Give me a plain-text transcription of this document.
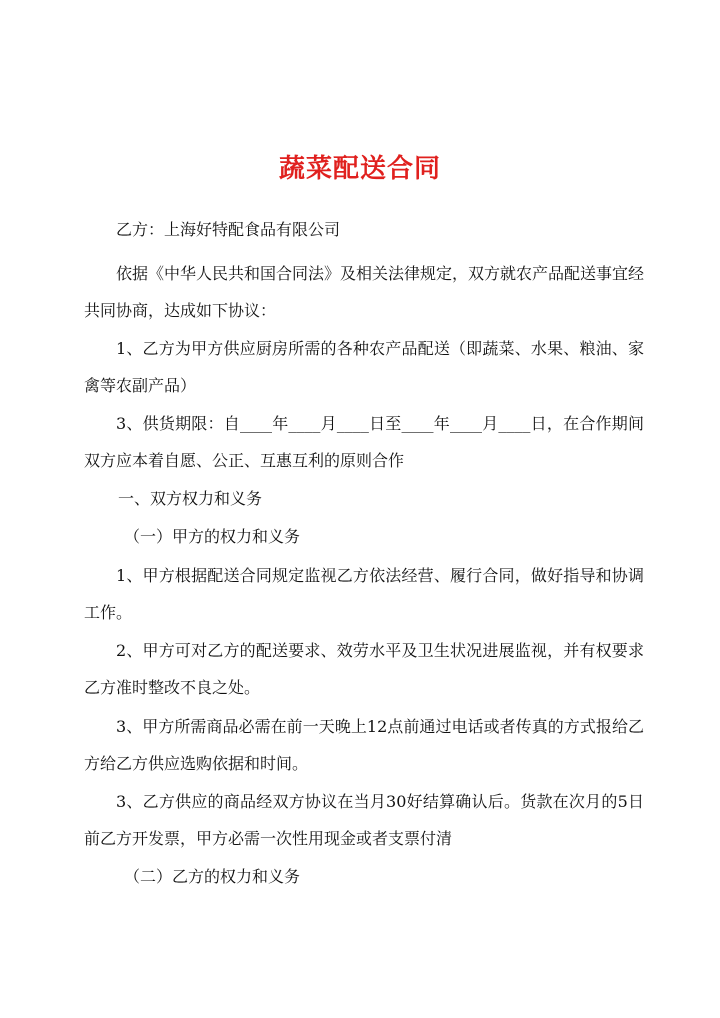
蔬菜配送合同

乙方：上海好特配食品有限公司

依据《中华人民共和国合同法》及相关法律规定，双方就农产品配送事宜经共同协商，达成如下协议：

1、乙方为甲方供应厨房所需的各种农产品配送（即蔬菜、水果、粮油、家禽等农副产品）

3、供货期限：自____年____月____日至____年____月____日，在合作期间双方应本着自愿、公正、互惠互利的原则合作

一、双方权力和义务

（一）甲方的权力和义务

1、甲方根据配送合同规定监视乙方依法经营、履行合同，做好指导和协调工作。

2、甲方可对乙方的配送要求、效劳水平及卫生状况进展监视，并有权要求乙方准时整改不良之处。

3、甲方所需商品必需在前一天晚上12点前通过电话或者传真的方式报给乙方给乙方供应选购依据和时间。

3、乙方供应的商品经双方协议在当月30好结算确认后。货款在次月的5日前乙方开发票，甲方必需一次性用现金或者支票付清

（二）乙方的权力和义务
